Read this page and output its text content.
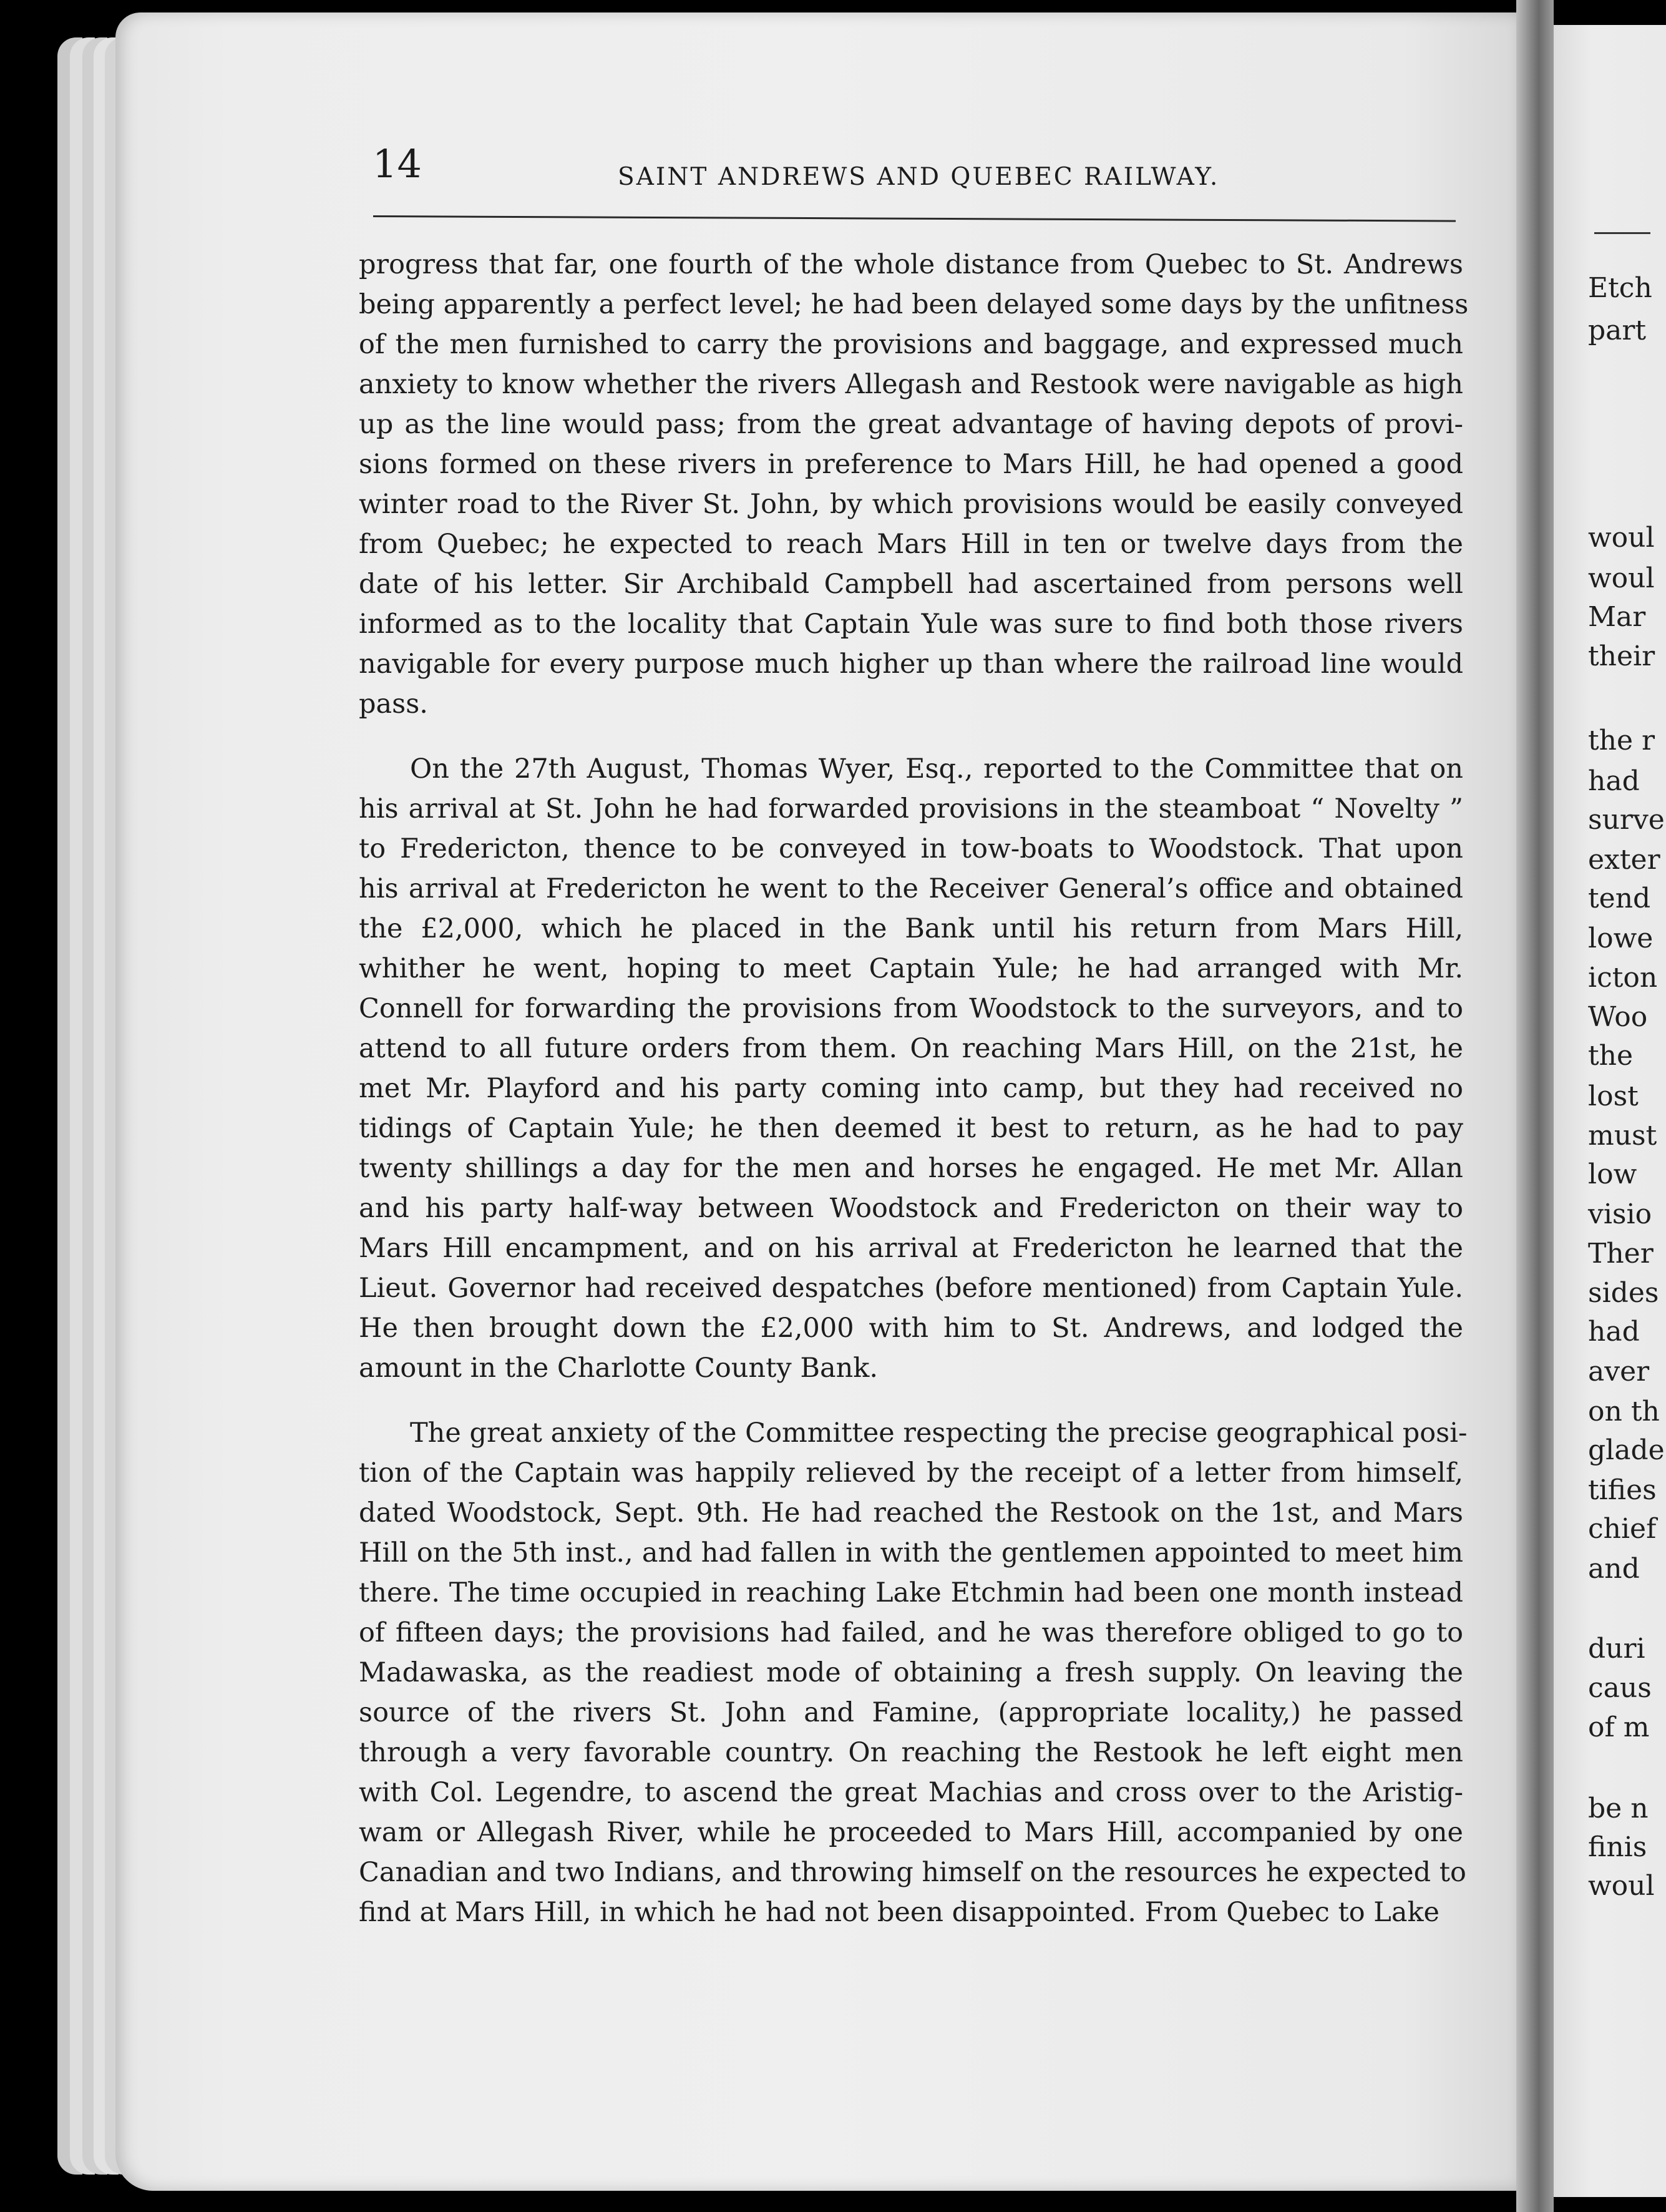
Etch
part
woul
woul
Mar
their
the r
had
surve
exter
tend
lowe
icton
Woo
the
lost
must
low
visio
Ther
sides
had
aver
on th
glade
tifies
chief
and
duri
caus
of m
be n
finis
woul
14	SAINT ANDREWS AND QUEBEC RAILWAY.
progress that far, one fourth of the whole distance from Quebec to St. Andrews
being apparently a perfect level; he had been delayed some days by the unfitness
of the men furnished to carry the provisions and baggage, and expressed much
anxiety to know whether the rivers Allegash and Restook were navigable as high
up as the line would pass; from the great advantage of having depots of provi-
sions formed on these rivers in preference to Mars Hill, he had opened a good
winter road to the River St. John, by which provisions would be easily conveyed
from Quebec; he expected to reach Mars Hill in ten or twelve days from the
date of his letter. Sir Archibald Campbell had ascertained from persons well
informed as to the locality that Captain Yule was sure to find both those rivers
navigable for every purpose much higher up than where the railroad line would
pass.
On the 27th August, Thomas Wyer, Esq., reported to the Committee that on
his arrival at St. John he had forwarded provisions in the steamboat “ Novelty ”
to Fredericton, thence to be conveyed in tow-boats to Woodstock. That upon
his arrival at Fredericton he went to the Receiver General’s office and obtained
the £2,000, which he placed in the Bank until his return from Mars Hill,
whither he went, hoping to meet Captain Yule; he had arranged with Mr.
Connell for forwarding the provisions from Woodstock to the surveyors, and to
attend to all future orders from them. On reaching Mars Hill, on the 21st, he
met Mr. Playford and his party coming into camp, but they had received no
tidings of Captain Yule; he then deemed it best to return, as he had to pay
twenty shillings a day for the men and horses he engaged. He met Mr. Allan
and his party half-way between Woodstock and Fredericton on their way to
Mars Hill encampment, and on his arrival at Fredericton he learned that the
Lieut. Governor had received despatches (before mentioned) from Captain Yule.
He then brought down the £2,000 with him to St. Andrews, and lodged the
amount in the Charlotte County Bank.
The great anxiety of the Committee respecting the precise geographical posi-
tion of the Captain was happily relieved by the receipt of a letter from himself,
dated Woodstock, Sept. 9th. He had reached the Restook on the 1st, and Mars
Hill on the 5th inst., and had fallen in with the gentlemen appointed to meet him
there. The time occupied in reaching Lake Etchmin had been one month instead
of fifteen days; the provisions had failed, and he was therefore obliged to go to
Madawaska, as the readiest mode of obtaining a fresh supply. On leaving the
source of the rivers St. John and Famine, (appropriate locality,) he passed
through a very favorable country. On reaching the Restook he left eight men
with Col. Legendre, to ascend the great Machias and cross over to the Aristig-
wam or Allegash River, while he proceeded to Mars Hill, accompanied by one
Canadian and two Indians, and throwing himself on the resources he expected to
find at Mars Hill, in which he had not been disappointed. From Quebec to Lake
